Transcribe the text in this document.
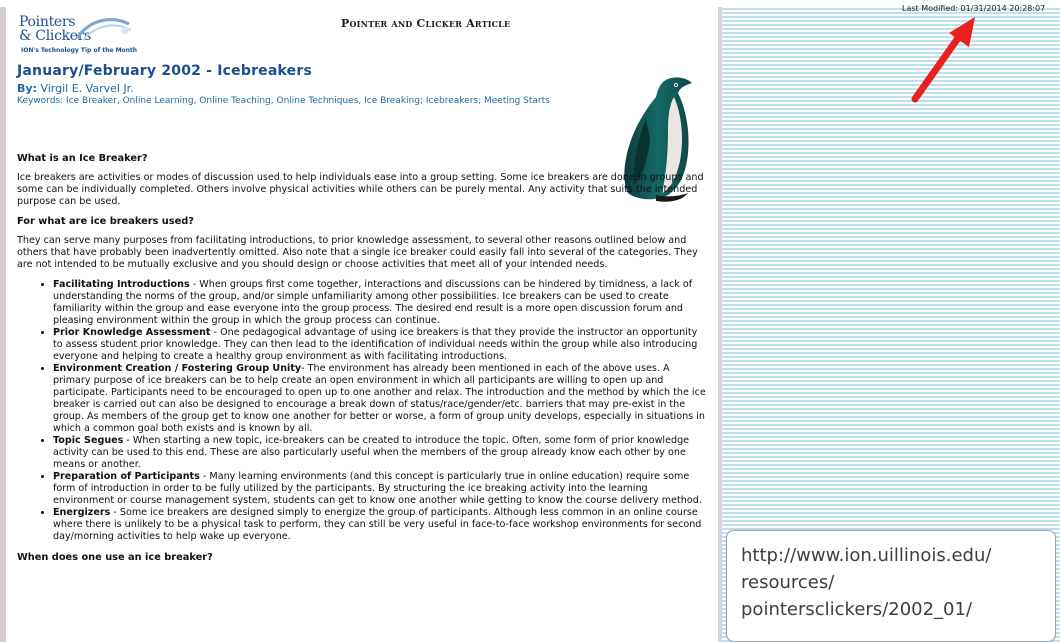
Pointers
& Clickers
ION's Technology Tip of the Month
Pointer and Clicker Article
January/February 2002 - Icebreakers
By: Virgil E. Varvel Jr.
Keywords: Ice Breaker, Online Learning, Online Teaching, Online Techniques, Ice Breaking; Icebreakers; Meeting Starts
What is an Ice Breaker?

Ice breakers are activities or modes of discussion used to help individuals ease into a group setting. Some ice breakers are done in groups and some can be individually completed. Others involve physical activities while others can be purely mental. Any activity that suits the intended purpose can be used.

For what are ice breakers used?

They can serve many purposes from facilitating introductions, to prior knowledge assessment, to several other reasons outlined below and others that have probably been inadvertently omitted. Also note that a single ice breaker could easily fall into several of the categories. They are not intended to be mutually exclusive and you should design or choose activities that meet all of your intended needs.

• Facilitating Introductions - When groups first come together, interactions and discussions can be hindered by timidness, a lack of understanding the norms of the group, and/or simple unfamiliarity among other possibilities. Ice breakers can be used to create familiarity within the group and ease everyone into the group process. The desired end result is a more open discussion forum and pleasing environment within the group in which the group process can continue.
• Prior Knowledge Assessment - One pedagogical advantage of using ice breakers is that they provide the instructor an opportunity to assess student prior knowledge. They can then lead to the identification of individual needs within the group while also introducing everyone and helping to create a healthy group environment as with facilitating introductions.
• Environment Creation / Fostering Group Unity- The environment has already been mentioned in each of the above uses. A primary purpose of ice breakers can be to help create an open environment in which all participants are willing to open up and participate. Participants need to be encouraged to open up to one another and relax. The introduction and the method by which the ice breaker is carried out can also be designed to encourage a break down of status/race/gender/etc. barriers that may pre-exist in the group. As members of the group get to know one another for better or worse, a form of group unity develops, especially in situations in which a common goal both exists and is known by all.
• Topic Segues - When starting a new topic, ice-breakers can be created to introduce the topic. Often, some form of prior knowledge activity can be used to this end. These are also particularly useful when the members of the group already know each other by one means or another.
• Preparation of Participants - Many learning environments (and this concept is particularly true in online education) require some form of introduction in order to be fully utilized by the participants. By structuring the ice breaking activity into the learning environment or course management system, students can get to know one another while getting to know the course delivery method.
• Energizers - Some ice breakers are designed simply to energize the group of participants. Although less common in an online course where there is unlikely to be a physical task to perform, they can still be very useful in face-to-face workshop environments for second day/morning activities to help wake up everyone.
When does one use an ice breaker?
Last Modified: 01/31/2014 20:28:07
http://www.ion.uillinois.edu/
resources/
pointersclickers/2002_01/
